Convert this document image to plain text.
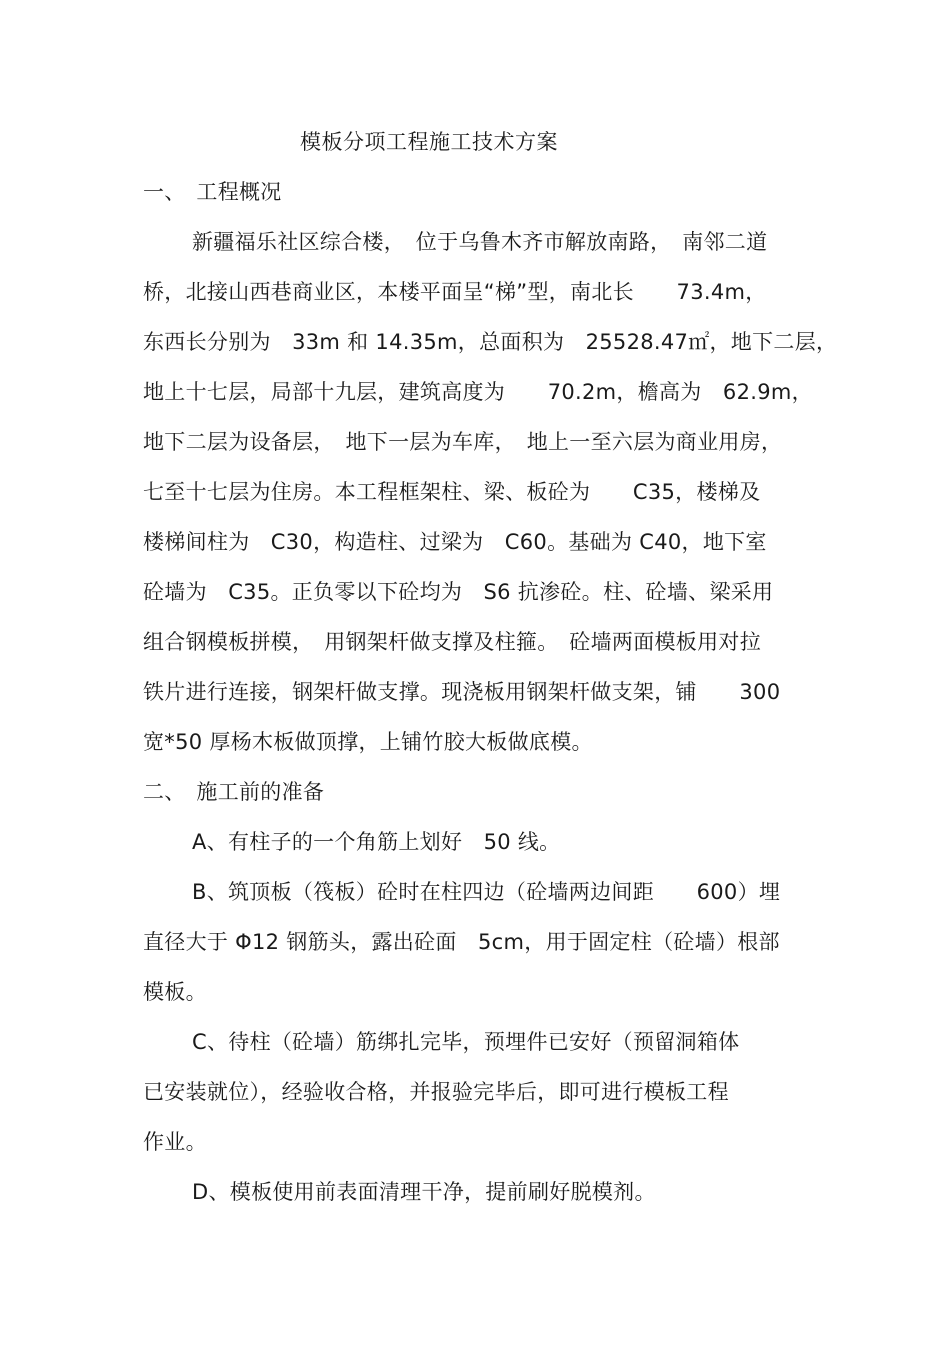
模板分项工程施工技术方案
一、　工程概况
新疆福乐社区综合楼，　位于乌鲁木齐市解放南路，　南邻二道
桥，北接山西巷商业区，本楼平面呈“梯”型，南北长　　73.4m，
东西长分别为　33m 和 14.35m，总面积为　25528.47㎡，地下二层，
地上十七层，局部十九层，建筑高度为　　70.2m，檐高为　62.9m，
地下二层为设备层，　地下一层为车库，　地上一至六层为商业用房，
七至十七层为住房。本工程框架柱、梁、板砼为　　C35，楼梯及
楼梯间柱为　C30，构造柱、过梁为　C60。基础为 C40，地下室
砼墙为　C35。正负零以下砼均为　S6 抗渗砼。柱、砼墙、梁采用
组合钢模板拼模，　用钢架杆做支撑及柱箍。　砼墙两面模板用对拉
铁片进行连接，钢架杆做支撑。现浇板用钢架杆做支架，铺　　300
宽*50 厚杨木板做顶撑，上铺竹胶大板做底模。
二、　施工前的准备
A、有柱子的一个角筋上划好　50 线。
B、筑顶板（筏板）砼时在柱四边（砼墙两边间距　　600）埋
直径大于 Φ12 钢筋头，露出砼面　5cm，用于固定柱（砼墙）根部
模板。
C、待柱（砼墙）筋绑扎完毕，预埋件已安好（预留洞箱体
已安装就位），经验收合格，并报验完毕后，即可进行模板工程
作业。
D、模板使用前表面清理干净，提前刷好脱模剂。
